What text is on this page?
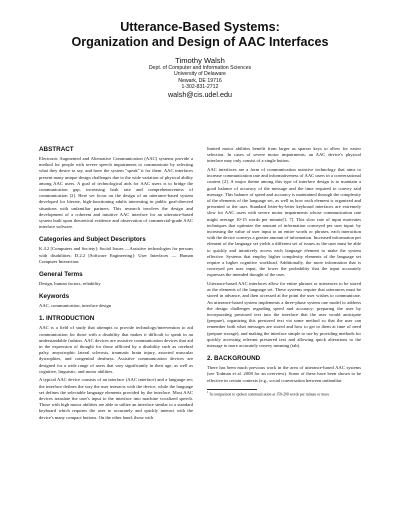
Utterance-Based Systems:
Organization and Design of AAC Interfaces
Timothy Walsh
Dept. of Computer and Information Sciences
University of Delaware
Newark, DE 19716
1-302-831-2712
walsh@cis.udel.edu
ABSTRACT

Electronic Augmented and Alternative Communication (AAC) systems provide a method for people with severe speech impairments to communicate by selecting what they desire to say, and have the system "speak" it for them. AAC interfaces present many unique design challenges due to the wide variation of physical ability among AAC users. A goal of technological aids for AAC users is to bridge the communication gap, increasing both rate and comprehensiveness of communication [2]. Here we focus on the design of an utterance-based system developed for literate, high-functioning adults interesting in public goal-directed situations with unfamiliar partners. This research involves the design and development of a coherent and intuitive AAC interface for an utterance-based system built upon theoretical evidence and observation of commercial-grade AAC interface software.

Categories and Subject Descriptors

K.4.2 [Computers and Society]: Social Issues —Assistive technologies for persons with disabilities; D.2.2 [Software Engineering]: User Interfaces — Human Computer Interaction.

General Terms

Design, human factors, reliability

Keywords

AAC, communication, interface design

1. INTRODUCTION

AAC is a field of study that attempts to provide technology/intervention to aid communication for those with a disability that makes it difficult to speak in an understandable fashion. AAC devices are assistive communication devices that aid in the expression of thought for those afflicted by a disability such as cerebral palsy, amyotrophic lateral sclerosis, traumatic brain injury, assorted muscular dystrophies, and congenital deafness. Assistive communication devices are designed for a wide range of users that vary significantly in their age, as well as cognitive, linguistic, and motor abilities.

A typical AAC device consists of an interface (AAC interface) and a language set; the interface defines the way the user interacts with the device, while the language set defines the selectable language elements provided by the interface. Most AAC devices translate the user's input to the interface into machine vocalized speech. Those with high motor abilities are able to utilize an interface similar to a standard keyboard which requires the user to accurately and quickly interact with the device's many compact buttons. On the other hand, those with

limited motor abilities benefit from larger as sparser keys to allow for easier selection. In cases of severe motor impairments, an AAC device's physical interface may only consist of a single button.

AAC interfaces are a form of communication assistive technology that aims to increase communication rate and informativeness of AAC users in a conversational context [2]. A major theme among this type of interface design is to maintain a good balance of accuracy of the message and the time required to convey said message. This balance of speed and accuracy is maintained through the complexity of the elements of the language set, as well as how each element is organized and presented to the user. Standard letter-by-letter keyboard interfaces are extremely slow for AAC users with severe motor impairments whose communication rate might average 10-15 words per minute[1, 7]. This slow rate of input motivates techniques that optimize the amount of information conveyed per user input: by increasing the value of user input to an entire words or phrases, each interaction with the device conveys a greater amount of information. Increased information per element of the language set yields a different set of issues as the user must be able to quickly and intuitively access each language element to make the system effective. Systems that employ higher complexity elements of the language set require a higher cognitive workload. Additionally, the more information that is conveyed per user input, the lower the probability that the input accurately expresses the intended thought of the user.

Utterance-based AAC interfaces allow for entire phrases or utterances to be stored as the elements of the language set. These systems require that utterances must be stored in advance, and then accessed at the point the user wishes to communicate. An utterance-based system implements a three-phase system one model to address the design challenges regarding speed and accuracy; preparing the user by incorporating prestored text into the interface that the user would anticipate (prepare), organizing this prestored text via some method so that the user can remember both what messages are stored and how to get to them at time of need (prepare storage), and making the interface simple to use by providing methods for quickly accessing relevant prestored text and allowing quick alterations to the message to more accurately convey meaning (tab).

2. BACKGROUND

There has been much previous work in the area of utterance-based AAC systems (see Todman et al. 2008 for an overview). Some of these have been shown to be effective in certain contexts (e.g., social conversation between unfamiliar

$^1$ In comparison to spoken communication at 150-200 words per minute or more
